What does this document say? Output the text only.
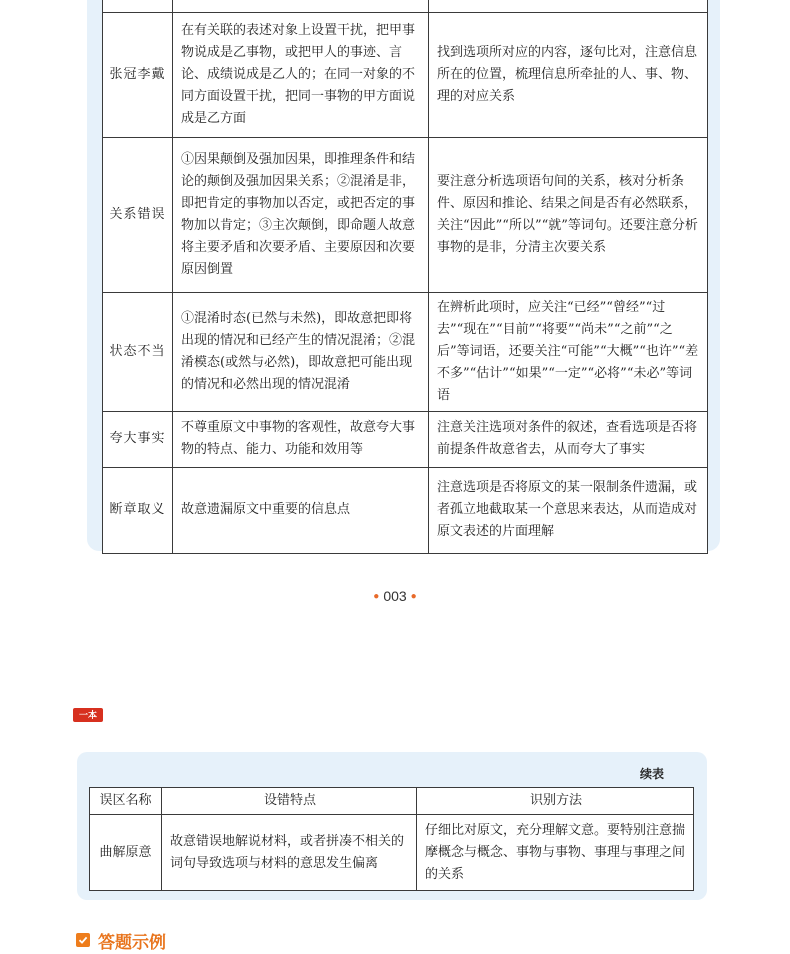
张冠李戴	在有关联的表述对象上设置干扰，把甲事物说成是乙事物，或把甲人的事迹、言论、成绩说成是乙人的；在同一对象的不同方面设置干扰，把同一事物的甲方面说成是乙方面	找到选项所对应的内容，逐句比对，注意信息所在的位置，梳理信息所牵扯的人、事、物、理的对应关系
关系错误	①因果颠倒及强加因果，即推理条件和结论的颠倒及强加因果关系；②混淆是非，即把肯定的事物加以否定，或把否定的事物加以肯定；③主次颠倒，即命题人故意将主要矛盾和次要矛盾、主要原因和次要原因倒置	要注意分析选项语句间的关系，核对分析条件、原因和推论、结果之间是否有必然联系，关注“因此”“所以”“就”等词句。还要注意分析事物的是非，分清主次要关系
状态不当	①混淆时态(已然与未然)，即故意把即将出现的情况和已经产生的情况混淆；②混淆模态(或然与必然)，即故意把可能出现的情况和必然出现的情况混淆	在辨析此项时，应关注“已经”“曾经”“过去”“现在”“目前”“将要”“尚未”“之前”“之后”等词语，还要关注“可能”“大概”“也许”“差不多”“估计”“如果”“一定”“必将”“未必”等词语
夸大事实	不尊重原文中事物的客观性，故意夸大事物的特点、能力、功能和效用等	注意关注选项对条件的叙述，查看选项是否将前提条件故意省去，从而夸大了事实
断章取义	故意遗漏原文中重要的信息点	注意选项是否将原文的某一限制条件遗漏，或者孤立地截取某一个意思来表达，从而造成对原文表述的片面理解
● 003 ●
一本
续表
误区名称	设错特点	识别方法
曲解原意	故意错误地解说材料，或者拼凑不相关的词句导致选项与材料的意思发生偏离	仔细比对原文，充分理解文意。要特别注意揣摩概念与概念、事物与事物、事理与事理之间的关系
答题示例
